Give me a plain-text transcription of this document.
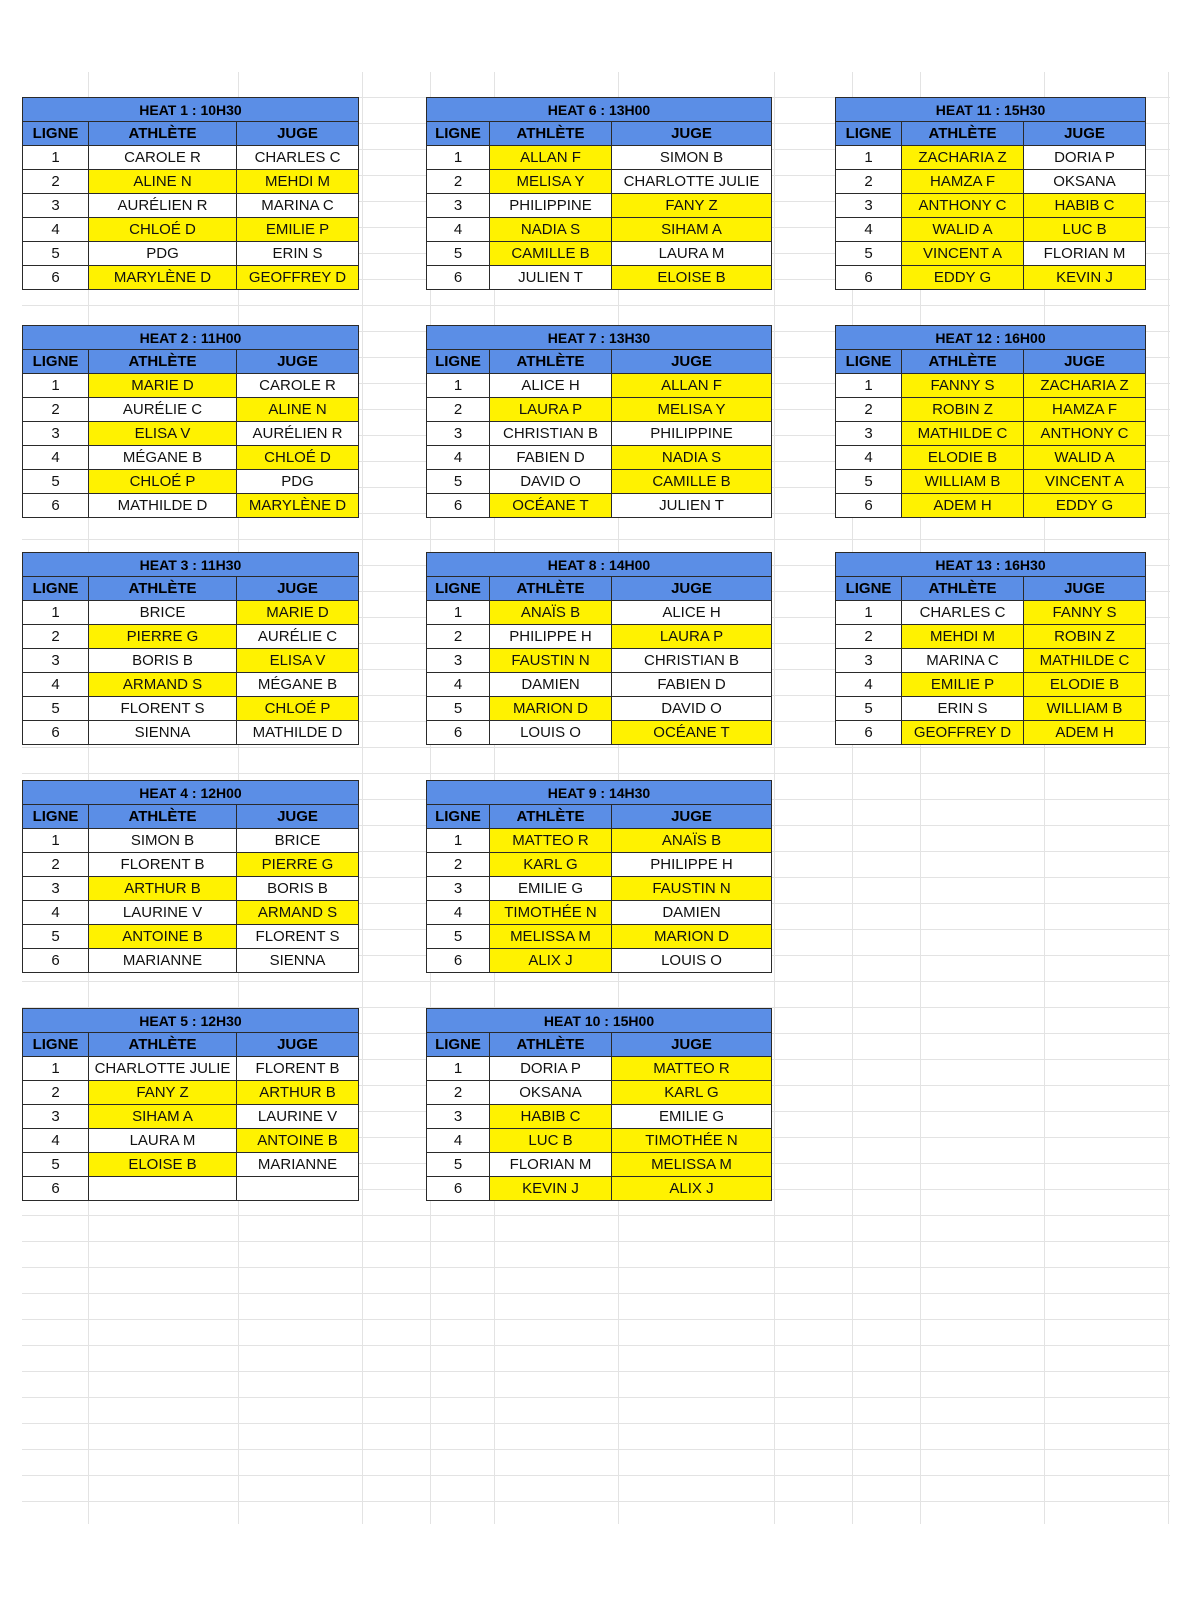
HEAT 1 : 10H30		
LIGNE	ATHLÈTE	JUGE
1	CAROLE R	CHARLES C
2	ALINE N	MEHDI M
3	AURÉLIEN R	MARINA C
4	CHLOÉ D	EMILIE P
5	PDG	ERIN S
6	MARYLÈNE D	GEOFFREY D
HEAT 2 : 11H00		
LIGNE	ATHLÈTE	JUGE
1	MARIE D	CAROLE R
2	AURÉLIE C	ALINE N
3	ELISA V	AURÉLIEN R
4	MÉGANE B	CHLOÉ D
5	CHLOÉ P	PDG
6	MATHILDE D	MARYLÈNE D
HEAT 3 : 11H30		
LIGNE	ATHLÈTE	JUGE
1	BRICE	MARIE D
2	PIERRE G	AURÉLIE C
3	BORIS B	ELISA V
4	ARMAND S	MÉGANE B
5	FLORENT S	CHLOÉ P
6	SIENNA	MATHILDE D
HEAT 4 : 12H00		
LIGNE	ATHLÈTE	JUGE
1	SIMON B	BRICE
2	FLORENT B	PIERRE G
3	ARTHUR B	BORIS B
4	LAURINE V	ARMAND S
5	ANTOINE B	FLORENT S
6	MARIANNE	SIENNA
HEAT 5 : 12H30		
LIGNE	ATHLÈTE	JUGE
1	CHARLOTTE JULIE	FLORENT B
2	FANY Z	ARTHUR B
3	SIHAM A	LAURINE V
4	LAURA M	ANTOINE B
5	ELOISE B	MARIANNE
6		
HEAT 6 : 13H00		
LIGNE	ATHLÈTE	JUGE
1	ALLAN F	SIMON B
2	MELISA Y	CHARLOTTE JULIE
3	PHILIPPINE	FANY Z
4	NADIA S	SIHAM A
5	CAMILLE B	LAURA M
6	JULIEN T	ELOISE B
HEAT 7 : 13H30		
LIGNE	ATHLÈTE	JUGE
1	ALICE H	ALLAN F
2	LAURA P	MELISA Y
3	CHRISTIAN B	PHILIPPINE
4	FABIEN D	NADIA S
5	DAVID O	CAMILLE B
6	OCÉANE T	JULIEN T
HEAT 8 : 14H00		
LIGNE	ATHLÈTE	JUGE
1	ANAÏS B	ALICE H
2	PHILIPPE H	LAURA P
3	FAUSTIN N	CHRISTIAN B
4	DAMIEN	FABIEN D
5	MARION D	DAVID O
6	LOUIS O	OCÉANE T
HEAT 9 : 14H30		
LIGNE	ATHLÈTE	JUGE
1	MATTEO R	ANAÏS B
2	KARL G	PHILIPPE H
3	EMILIE G	FAUSTIN N
4	TIMOTHÉE N	DAMIEN
5	MELISSA M	MARION D
6	ALIX J	LOUIS O
HEAT 10 : 15H00		
LIGNE	ATHLÈTE	JUGE
1	DORIA P	MATTEO R
2	OKSANA	KARL G
3	HABIB C	EMILIE G
4	LUC B	TIMOTHÉE N
5	FLORIAN M	MELISSA M
6	KEVIN J	ALIX J
HEAT 11 : 15H30		
LIGNE	ATHLÈTE	JUGE
1	ZACHARIA Z	DORIA P
2	HAMZA F	OKSANA
3	ANTHONY C	HABIB C
4	WALID A	LUC B
5	VINCENT A	FLORIAN M
6	EDDY G	KEVIN J
HEAT 12 : 16H00		
LIGNE	ATHLÈTE	JUGE
1	FANNY S	ZACHARIA Z
2	ROBIN Z	HAMZA F
3	MATHILDE C	ANTHONY C
4	ELODIE B	WALID A
5	WILLIAM B	VINCENT A
6	ADEM H	EDDY G
HEAT 13 : 16H30		
LIGNE	ATHLÈTE	JUGE
1	CHARLES C	FANNY S
2	MEHDI M	ROBIN Z
3	MARINA C	MATHILDE C
4	EMILIE P	ELODIE B
5	ERIN S	WILLIAM B
6	GEOFFREY D	ADEM H
